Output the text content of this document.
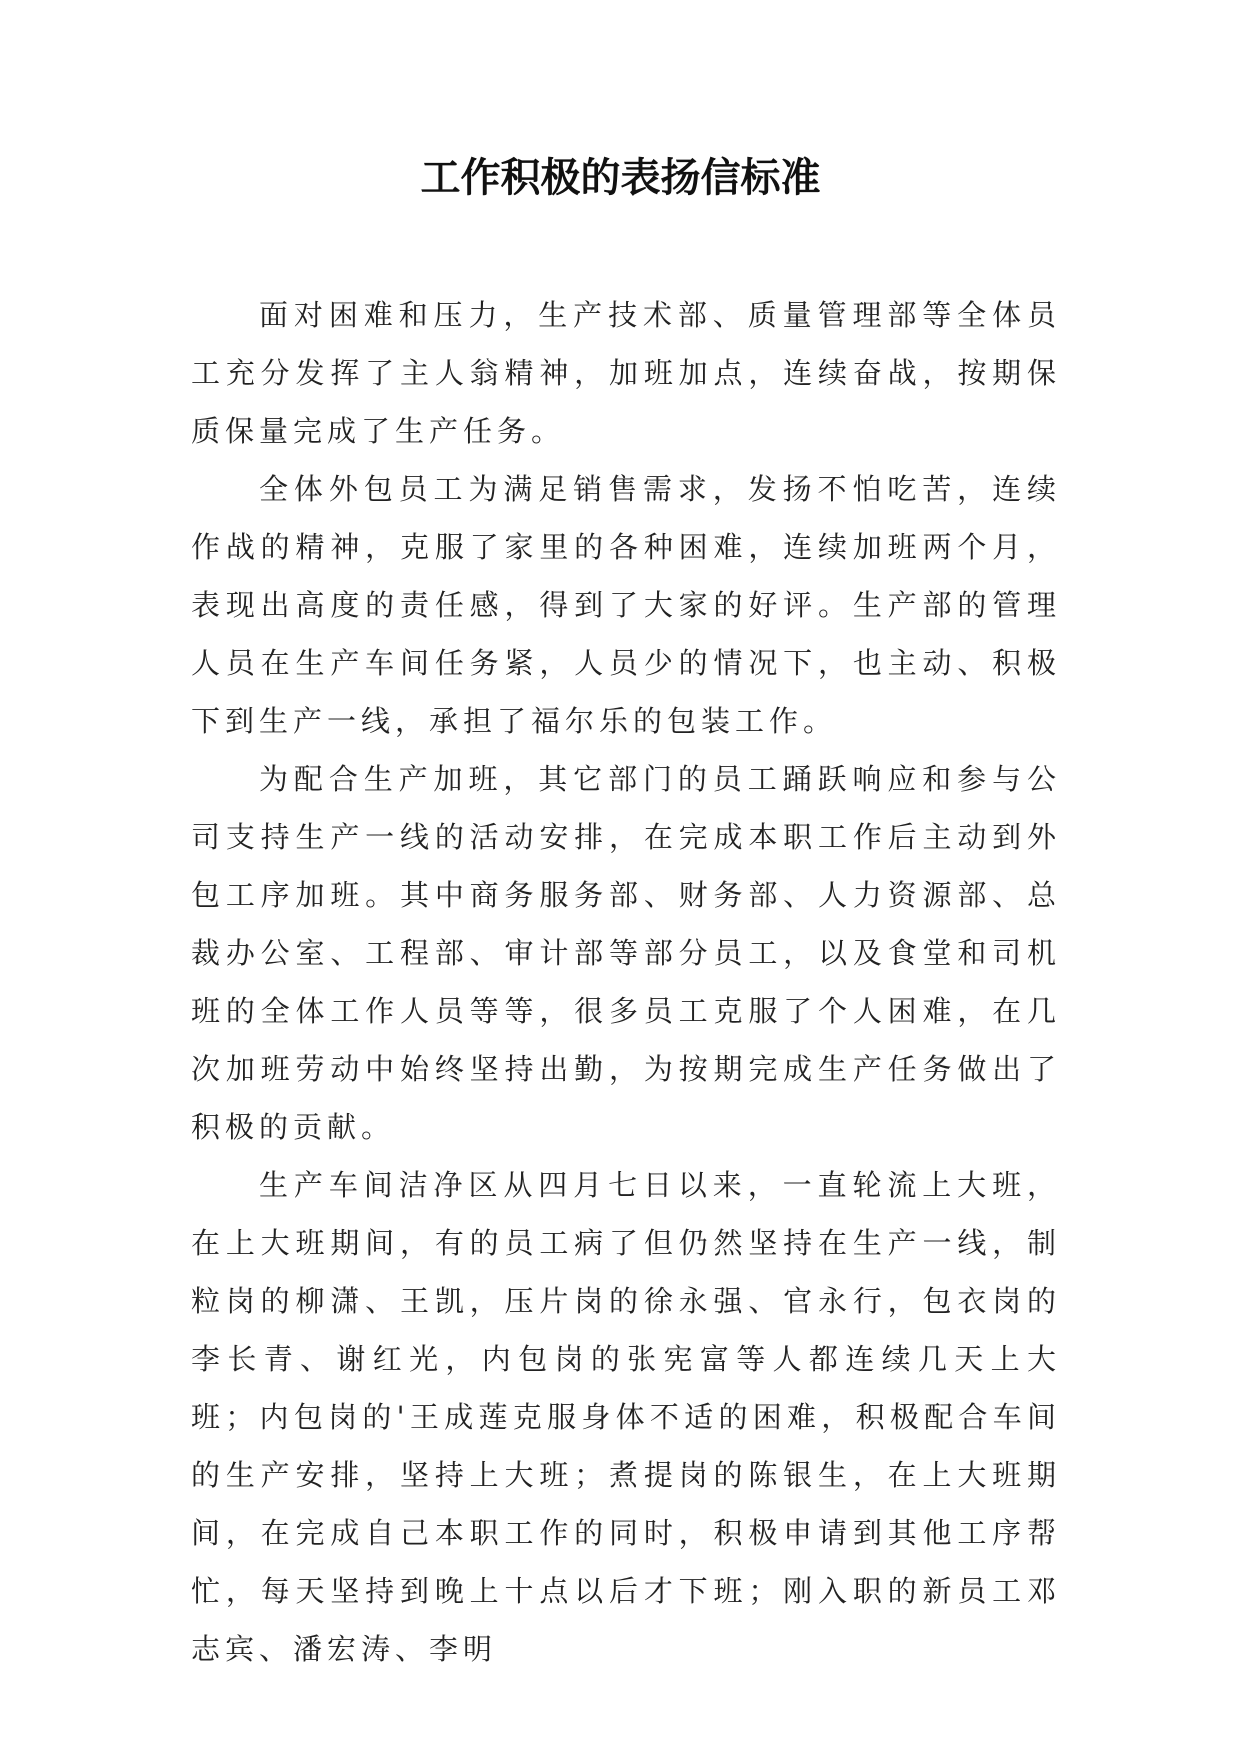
工作积极的表扬信标准

面对困难和压力，生产技术部、质量管理部等全体员工充分发挥了主人翁精神，加班加点，连续奋战，按期保质保量完成了生产任务。

全体外包员工为满足销售需求，发扬不怕吃苦，连续作战的精神，克服了家里的各种困难，连续加班两个月，表现出高度的责任感，得到了大家的好评。生产部的管理人员在生产车间任务紧，人员少的情况下，也主动、积极下到生产一线，承担了福尔乐的包装工作。

为配合生产加班，其它部门的员工踊跃响应和参与公司支持生产一线的活动安排，在完成本职工作后主动到外包工序加班。其中商务服务部、财务部、人力资源部、总裁办公室、工程部、审计部等部分员工，以及食堂和司机班的全体工作人员等等，很多员工克服了个人困难，在几次加班劳动中始终坚持出勤，为按期完成生产任务做出了积极的贡献。

生产车间洁净区从四月七日以来，一直轮流上大班，在上大班期间，有的员工病了但仍然坚持在生产一线，制粒岗的柳潇、王凯，压片岗的徐永强、官永行，包衣岗的李长青、谢红光，内包岗的张宪富等人都连续几天上大班；内包岗的'王成莲克服身体不适的困难，积极配合车间的生产安排，坚持上大班；煮提岗的陈银生，在上大班期间，在完成自己本职工作的同时，积极申请到其他工序帮忙，每天坚持到晚上十点以后才下班；刚入职的新员工邓志宾、潘宏涛、李明
